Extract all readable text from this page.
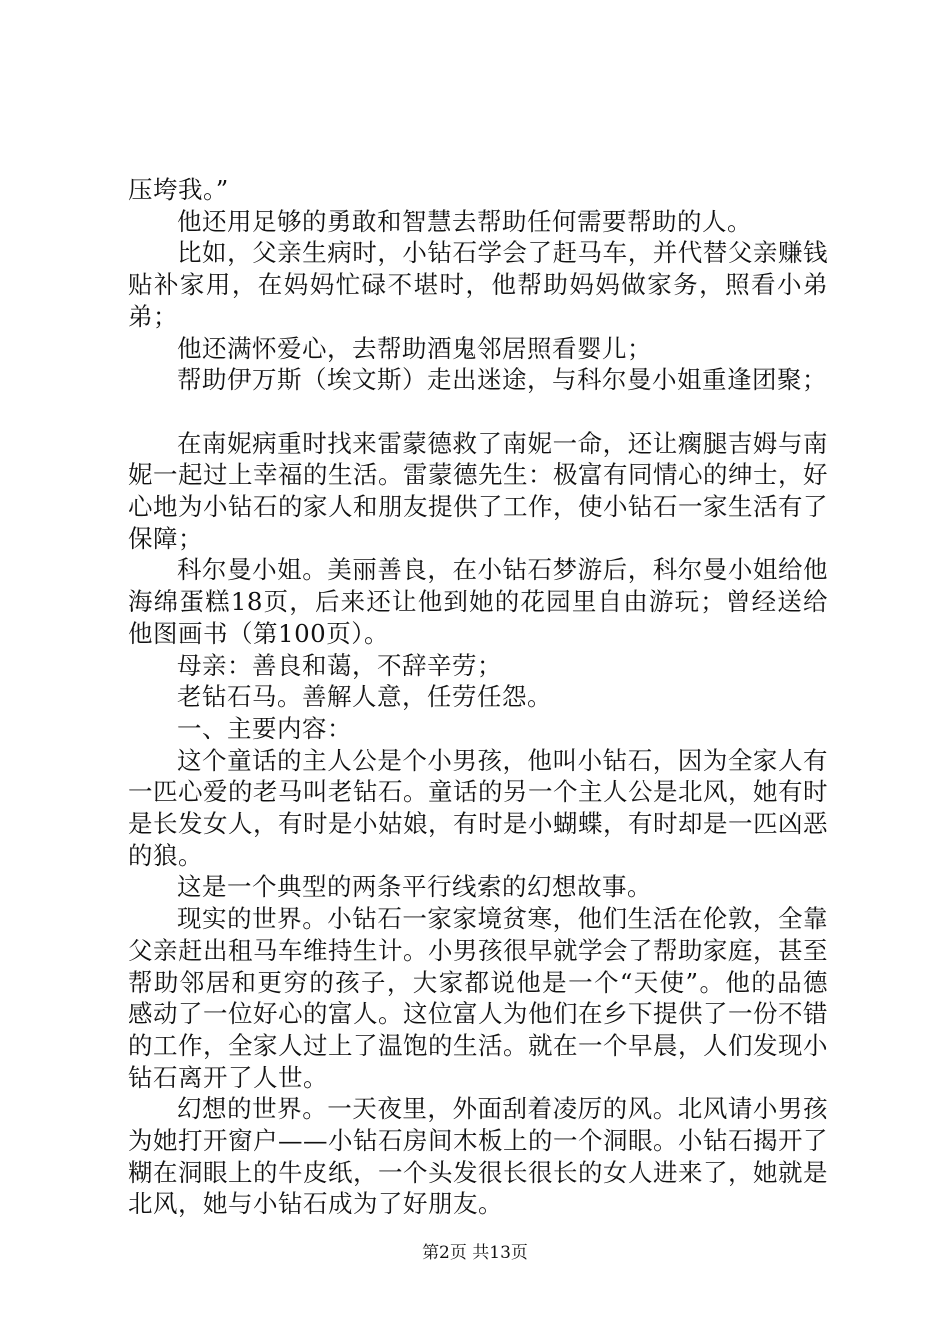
压垮我。”

他还用足够的勇敢和智慧去帮助任何需要帮助的人。

比如，父亲生病时，小钻石学会了赶马车，并代替父亲赚钱贴补家用，在妈妈忙碌不堪时，他帮助妈妈做家务，照看小弟弟；

他还满怀爱心，去帮助酒鬼邻居照看婴儿；

帮助伊万斯（埃文斯）走出迷途，与科尔曼小姐重逢团聚；

在南妮病重时找来雷蒙德救了南妮一命，还让瘸腿吉姆与南妮一起过上幸福的生活。雷蒙德先生：极富有同情心的绅士，好心地为小钻石的家人和朋友提供了工作，使小钻石一家生活有了保障；

科尔曼小姐。美丽善良，在小钻石梦游后，科尔曼小姐给他海绵蛋糕18页，后来还让他到她的花园里自由游玩；曾经送给他图画书（第100页）。

母亲：善良和蔼，不辞辛劳；

老钻石马。善解人意，任劳任怨。

一、主要内容：

这个童话的主人公是个小男孩，他叫小钻石，因为全家人有一匹心爱的老马叫老钻石。童话的另一个主人公是北风，她有时是长发女人，有时是小姑娘，有时是小蝴蝶，有时却是一匹凶恶的狼。

这是一个典型的两条平行线索的幻想故事。

现实的世界。小钻石一家家境贫寒，他们生活在伦敦，全靠父亲赶出租马车维持生计。小男孩很早就学会了帮助家庭，甚至帮助邻居和更穷的孩子，大家都说他是一个“天使”。他的品德感动了一位好心的富人。这位富人为他们在乡下提供了一份不错的工作，全家人过上了温饱的生活。就在一个早晨，人们发现小钻石离开了人世。

幻想的世界。一天夜里，外面刮着凌厉的风。北风请小男孩为她打开窗户——小钻石房间木板上的一个洞眼。小钻石揭开了糊在洞眼上的牛皮纸，一个头发很长很长的女人进来了，她就是北风，她与小钻石成为了好朋友。

第2页 共13页
